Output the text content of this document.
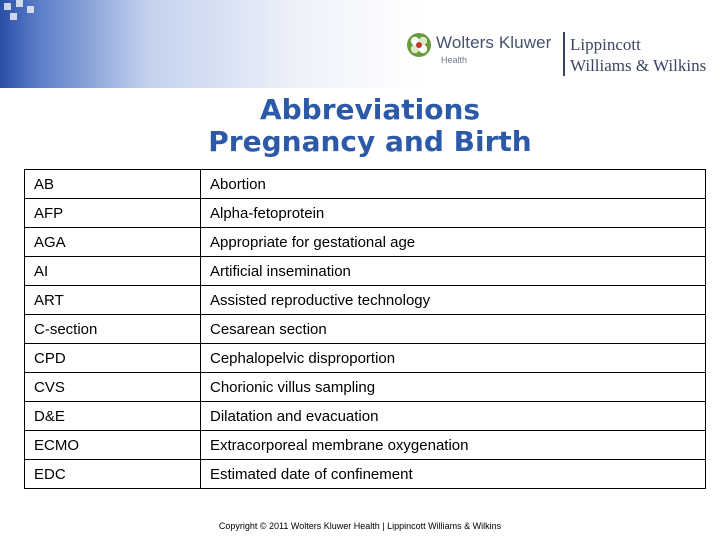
Wolters Kluwer
Health
Lippincott
Williams & Wilkins
Abbreviations
Pregnancy and Birth
AB	Abortion
AFP	Alpha-fetoprotein
AGA	Appropriate for gestational age
AI	Artificial insemination
ART	Assisted reproductive technology
C-section	Cesarean section
CPD	Cephalopelvic disproportion
CVS	Chorionic villus sampling
D&E	Dilatation and evacuation
ECMO	Extracorporeal membrane oxygenation
EDC	Estimated date of confinement
Copyright © 2011 Wolters Kluwer Health | Lippincott Williams & Wilkins
